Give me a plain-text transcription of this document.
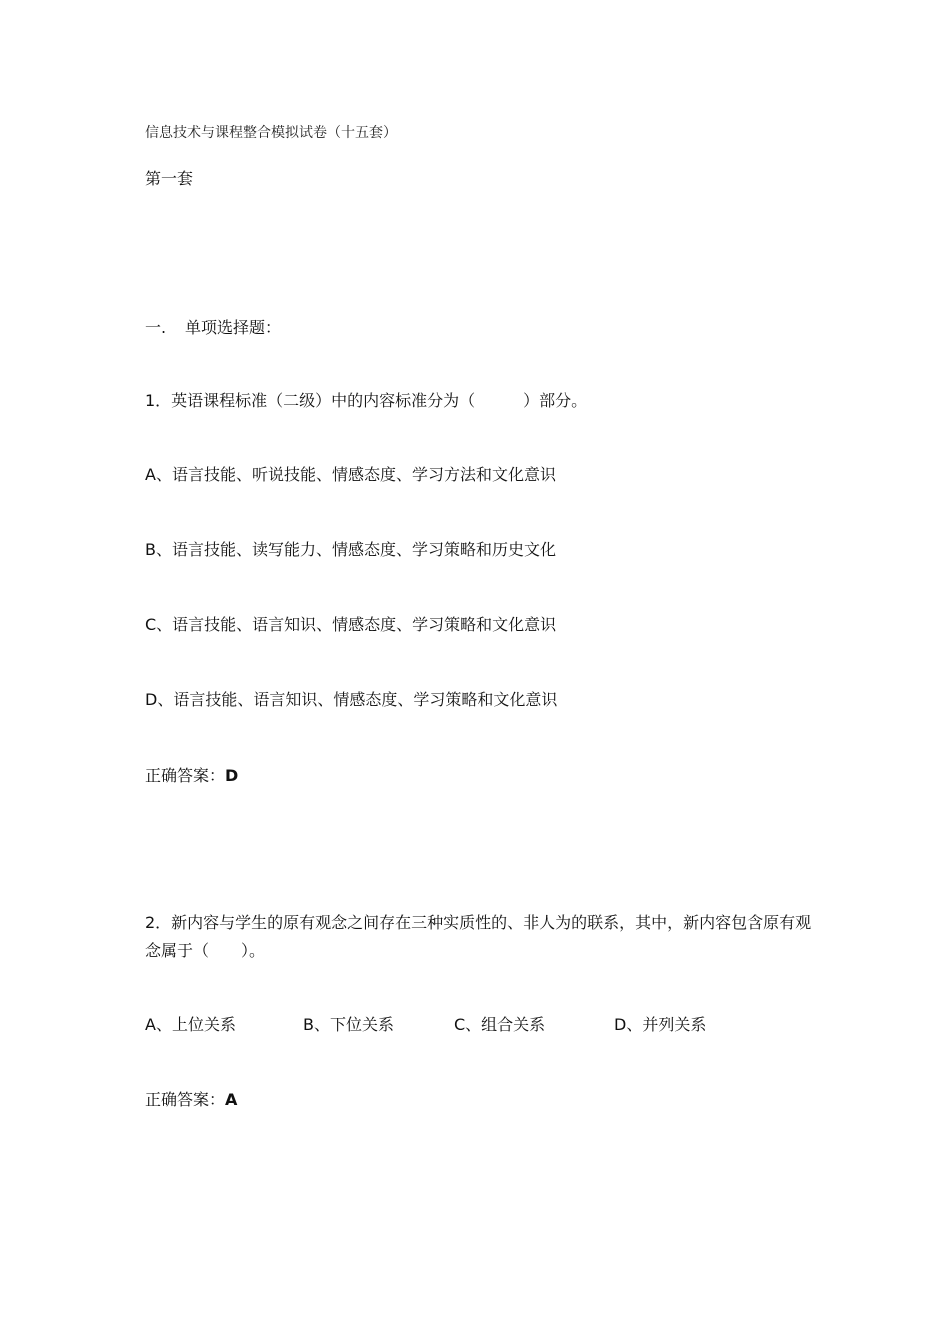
信息技术与课程整合模拟试卷（十五套）
第一套
一. 单项选择题：
1．英语课程标准（二级）中的内容标准分为（　　　）部分。
A、语言技能、听说技能、情感态度、学习方法和文化意识
B、语言技能、读写能力、情感态度、学习策略和历史文化
C、语言技能、语言知识、情感态度、学习策略和文化意识
D、语言技能、语言知识、情感态度、学习策略和文化意识
正确答案：D
2．新内容与学生的原有观念之间存在三种实质性的、非人为的联系，其中，新内容包含原有观念属于（　　）。
A、上位关系	B、下位关系	C、组合关系	D、并列关系
正确答案：A
